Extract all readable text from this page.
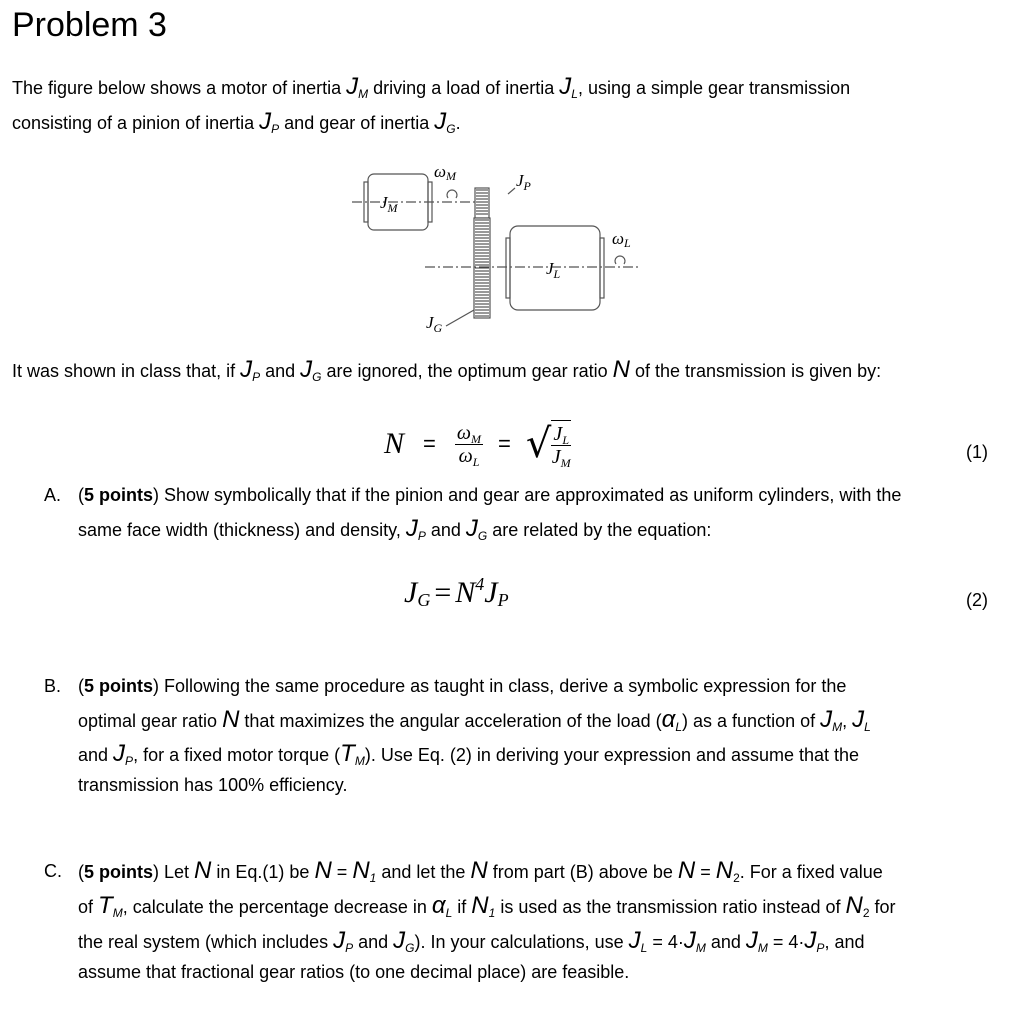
Problem 3
The figure below shows a motor of inertia $J_M$ driving a load of inertia $J_L$, using a simple gear transmission
consisting of a pinion of inertia $J_P$ and gear of inertia $J_G$.
$J_M$
ωM	$J_P$
ωL
$J_L$
$J_G$
It was shown in class that, if $J_P$ and $J_G$ are ignored, the optimum gear ratio N of the transmission is given by:
$N = \frac{\omega_M}{\omega_L}$ = √ $\frac{J_L}{J_M}$	(1)
A. (5 points) Show symbolically that if the pinion and gear are approximated as uniform cylinders, with the
same face width (thickness) and density, $J_P$ and $J_G$ are related by the equation:
$J_G = N^4J_P$	(2)
B. (5 points) Following the same procedure as taught in class, derive a symbolic expression for the
optimal gear ratio N that maximizes the angular acceleration of the load $(\alpha_L)$ as a function of $J_M$, $J_L$
and $J_P$, for a fixed motor torque $(T_M)$. Use Eq. (2) in deriving your expression and assume that the
transmission has 100% efficiency.
C. (5 points) Let N in Eq.(1) be $N = N_1$ and let the N from part (B) above be $N = N_2$. For a fixed value
of $T_M$, calculate the percentage decrease in $\alpha_L$ if $N_1$ is used as the transmission ratio instead of $N_2$ for
the real system (which includes $J_P$ and $J_G$). In your calculations, use $J_L = 4\cdot J_M$ and $J_M = 4\cdot J_P$, and
assume that fractional gear ratios (to one decimal place) are feasible.
